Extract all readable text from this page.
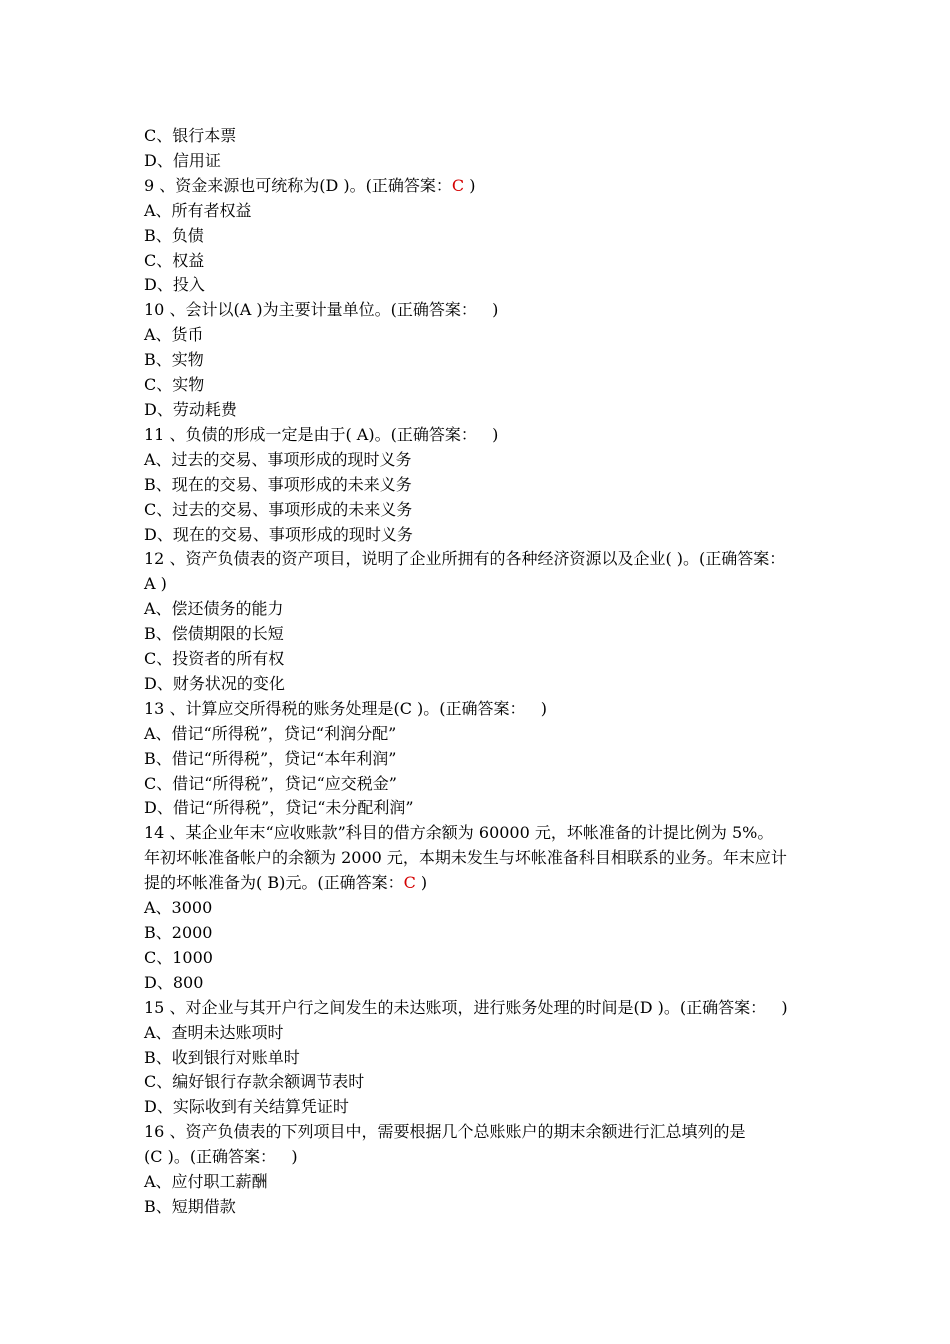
C、银行本票
D、信用证
9 、资金来源也可统称为(D )。(正确答案：C )
A、所有者权益
B、负债
C、权益
D、投入
10 、会计以(A )为主要计量单位。(正确答案：   )
A、货币
B、实物
C、实物
D、劳动耗费
11 、负债的形成一定是由于( A)。(正确答案：   )
A、过去的交易、事项形成的现时义务
B、现在的交易、事项形成的未来义务
C、过去的交易、事项形成的未来义务
D、现在的交易、事项形成的现时义务
12 、资产负债表的资产项目，说明了企业所拥有的各种经济资源以及企业( )。(正确答案：
A )
A、偿还债务的能力
B、偿债期限的长短
C、投资者的所有权
D、财务状况的变化
13 、计算应交所得税的账务处理是(C )。(正确答案：   )
A、借记“所得税”，贷记“利润分配”
B、借记“所得税”，贷记“本年利润”
C、借记“所得税”，贷记“应交税金”
D、借记“所得税”，贷记“未分配利润”
14 、某企业年末“应收账款”科目的借方余额为 60000 元，坏帐准备的计提比例为 5%。
年初坏帐准备帐户的余额为 2000 元，本期未发生与坏帐准备科目相联系的业务。年末应计
提的坏帐准备为( B)元。(正确答案：C )
A、3000
B、2000
C、1000
D、800
15 、对企业与其开户行之间发生的未达账项，进行账务处理的时间是(D )。(正确答案：   )
A、查明未达账项时
B、收到银行对账单时
C、编好银行存款余额调节表时
D、实际收到有关结算凭证时
16 、资产负债表的下列项目中，需要根据几个总账账户的期末余额进行汇总填列的是
(C )。(正确答案：   )
A、应付职工薪酬
B、短期借款
